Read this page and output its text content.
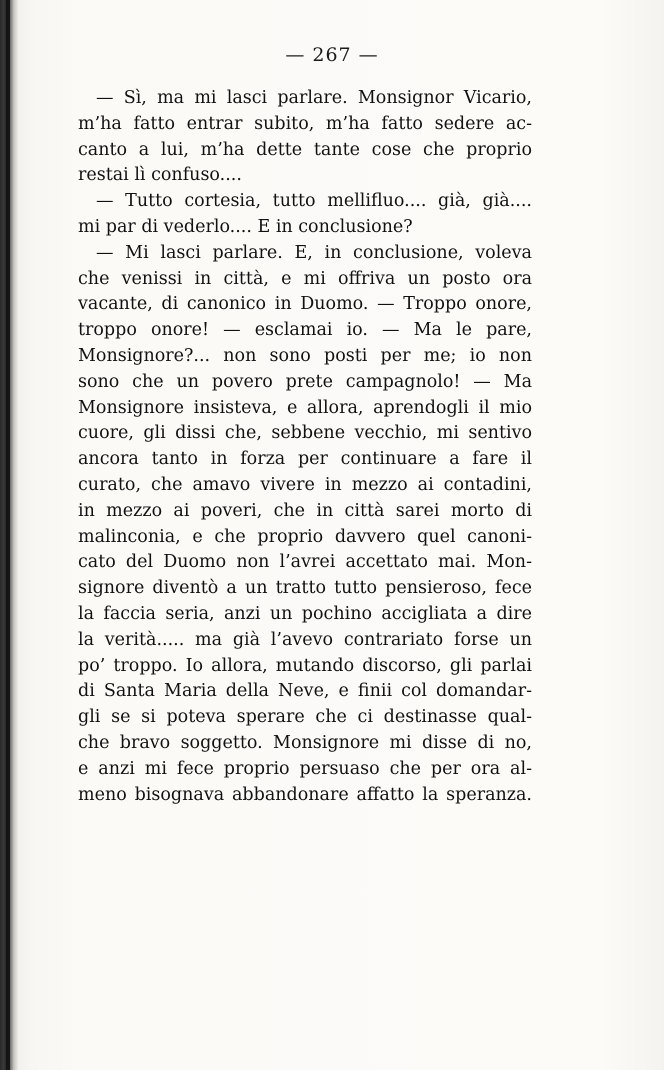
— 267 —
— Sì, ma mi lasci parlare. Monsignor Vicario,
m’ha fatto entrar subito, m’ha fatto sedere ac-
canto a lui, m’ha dette tante cose che proprio
restai lì confuso....
— Tutto cortesia, tutto mellifluo.... già, già....
mi par di vederlo.... E in conclusione?
— Mi lasci parlare. E, in conclusione, voleva
che venissi in città, e mi offriva un posto ora
vacante, di canonico in Duomo. — Troppo onore,
troppo onore! — esclamai io. — Ma le pare,
Monsignore?... non sono posti per me; io non
sono che un povero prete campagnolo! — Ma
Monsignore insisteva, e allora, aprendogli il mio
cuore, gli dissi che, sebbene vecchio, mi sentivo
ancora tanto in forza per continuare a fare il
curato, che amavo vivere in mezzo ai contadini,
in mezzo ai poveri, che in città sarei morto di
malinconia, e che proprio davvero quel canoni-
cato del Duomo non l’avrei accettato mai. Mon-
signore diventò a un tratto tutto pensieroso, fece
la faccia seria, anzi un pochino accigliata a dire
la verità..... ma già l’avevo contrariato forse un
po’ troppo. Io allora, mutando discorso, gli parlai
di Santa Maria della Neve, e finii col domandar-
gli se si poteva sperare che ci destinasse qual-
che bravo soggetto. Monsignore mi disse di no,
e anzi mi fece proprio persuaso che per ora al-
meno bisognava abbandonare affatto la speranza.
